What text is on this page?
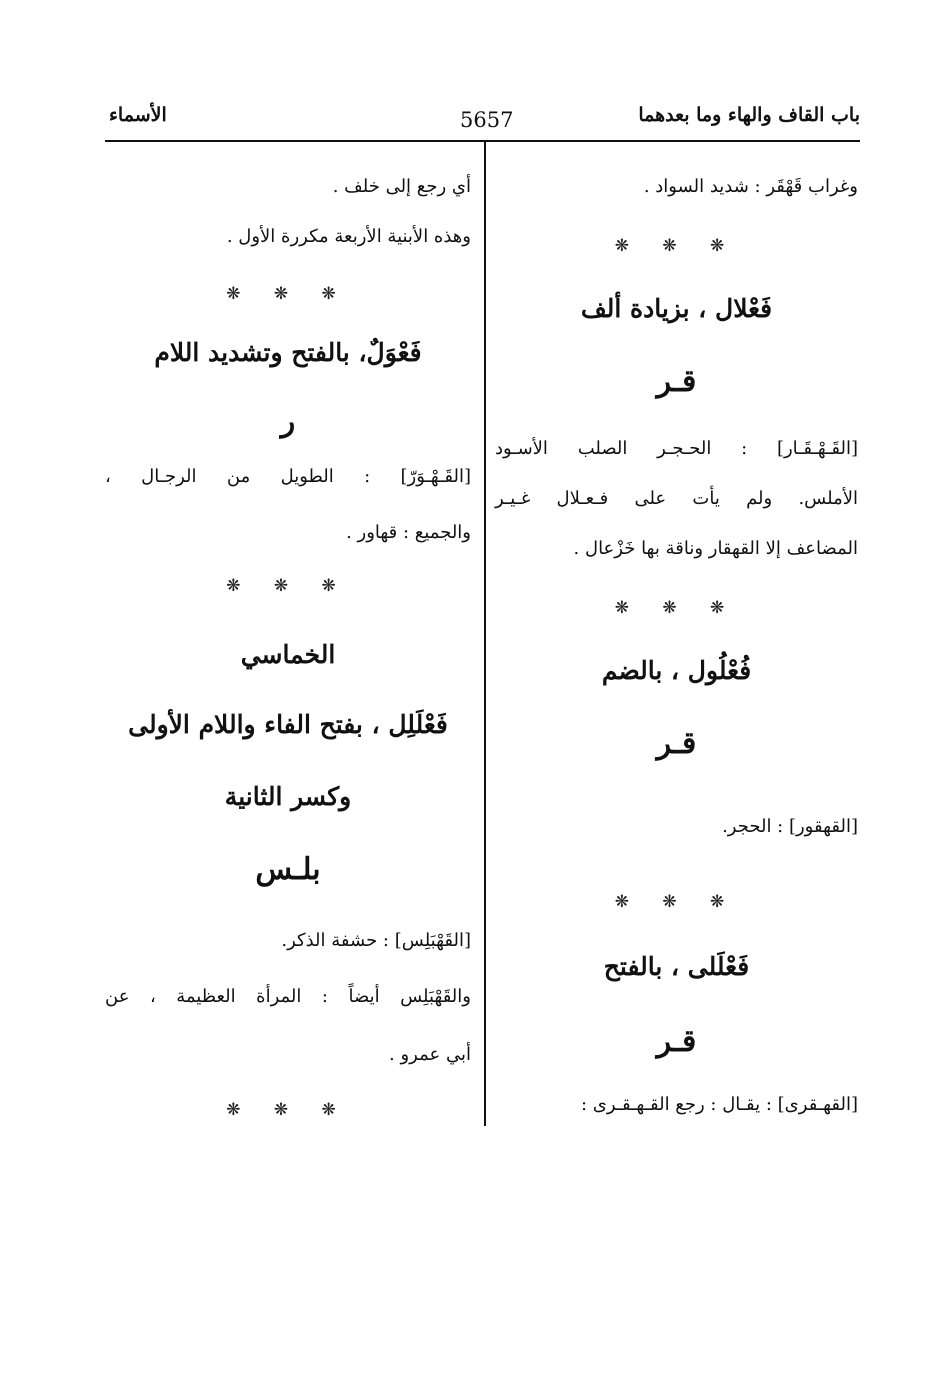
باب القاف والهاء وما بعدهما
5657
الأسماء
وغراب قَهْقَر : شديد السواد .
❋ ❋ ❋
فَعْلال ، بزيادة ألف
قـر
[القَـهْـقَـار] : الحـجـر الصلب الأسـود
الأملس. ولم يأت على فـعـلال غـيـر
المضاعف إلا القهقار وناقة بها خَزْعال .
❋ ❋ ❋
فُعْلُول ، بالضم
قـر
[القهقور] : الحجر.
❋ ❋ ❋
فَعْلَلى ، بالفتح
قـر
[القهـقرى] : يقـال : رجع القـهـقـرى :
أي رجع إلى خلف .
وهذه الأبنية الأربعة مكررة الأول .
❋ ❋ ❋
فَعْوَلٌ، بالفتح وتشديد اللام
ر
[القَـهْـوَرّ] : الطويل من الرجـال ،
والجميع : قهاور .
❋ ❋ ❋
الخماسي
فَعْلَلِل ، بفتح الفاء واللام الأولى
وكسر الثانية
بلـس
[القَهْبَلِس] : حشفة الذكر.
والقَهْبَلِس أيضاً : المرأة العظيمة ، عن
أبي عمرو .
❋ ❋ ❋
